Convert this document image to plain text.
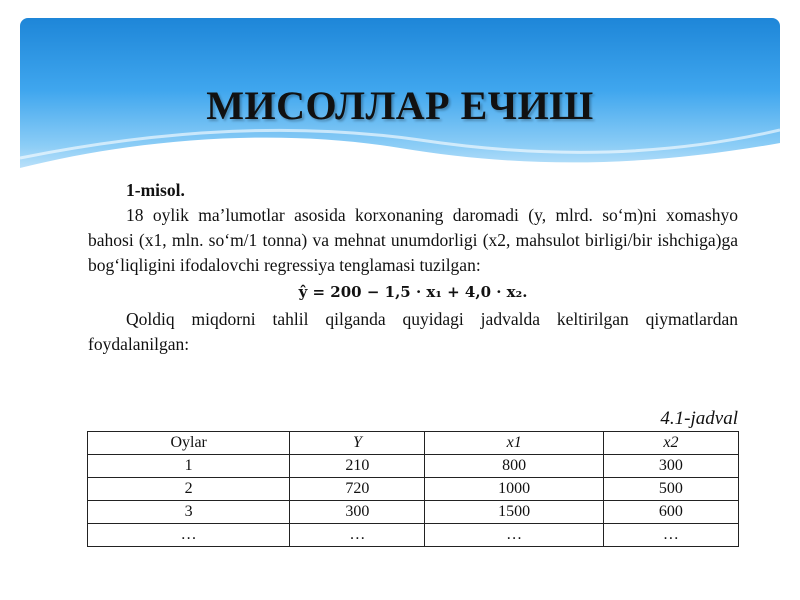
МИСОЛЛАР ЕЧИШ
1-misol.

18 oylik ma’lumotlar asosida korxonaning daromadi (y, mlrd. so‘m)ni xomashyo bahosi (x1, mln. so‘m/1 tonna) va mehnat unumdorligi (x2, mahsulot birligi/bir ishchiga)ga bog‘liqligini ifodalovchi regressiya tenglamasi tuzilgan:

ŷ = 200 − 1,5 · x₁ + 4,0 · x₂.

Qoldiq miqdorni tahlil qilganda quyidagi jadvalda keltirilgan qiymatlardan foydalanilgan:

4.1-jadval
Oylar	Y	x1	x2
1	210	800	300
2	720	1000	500
3	300	1500	600
…	…	…	…
